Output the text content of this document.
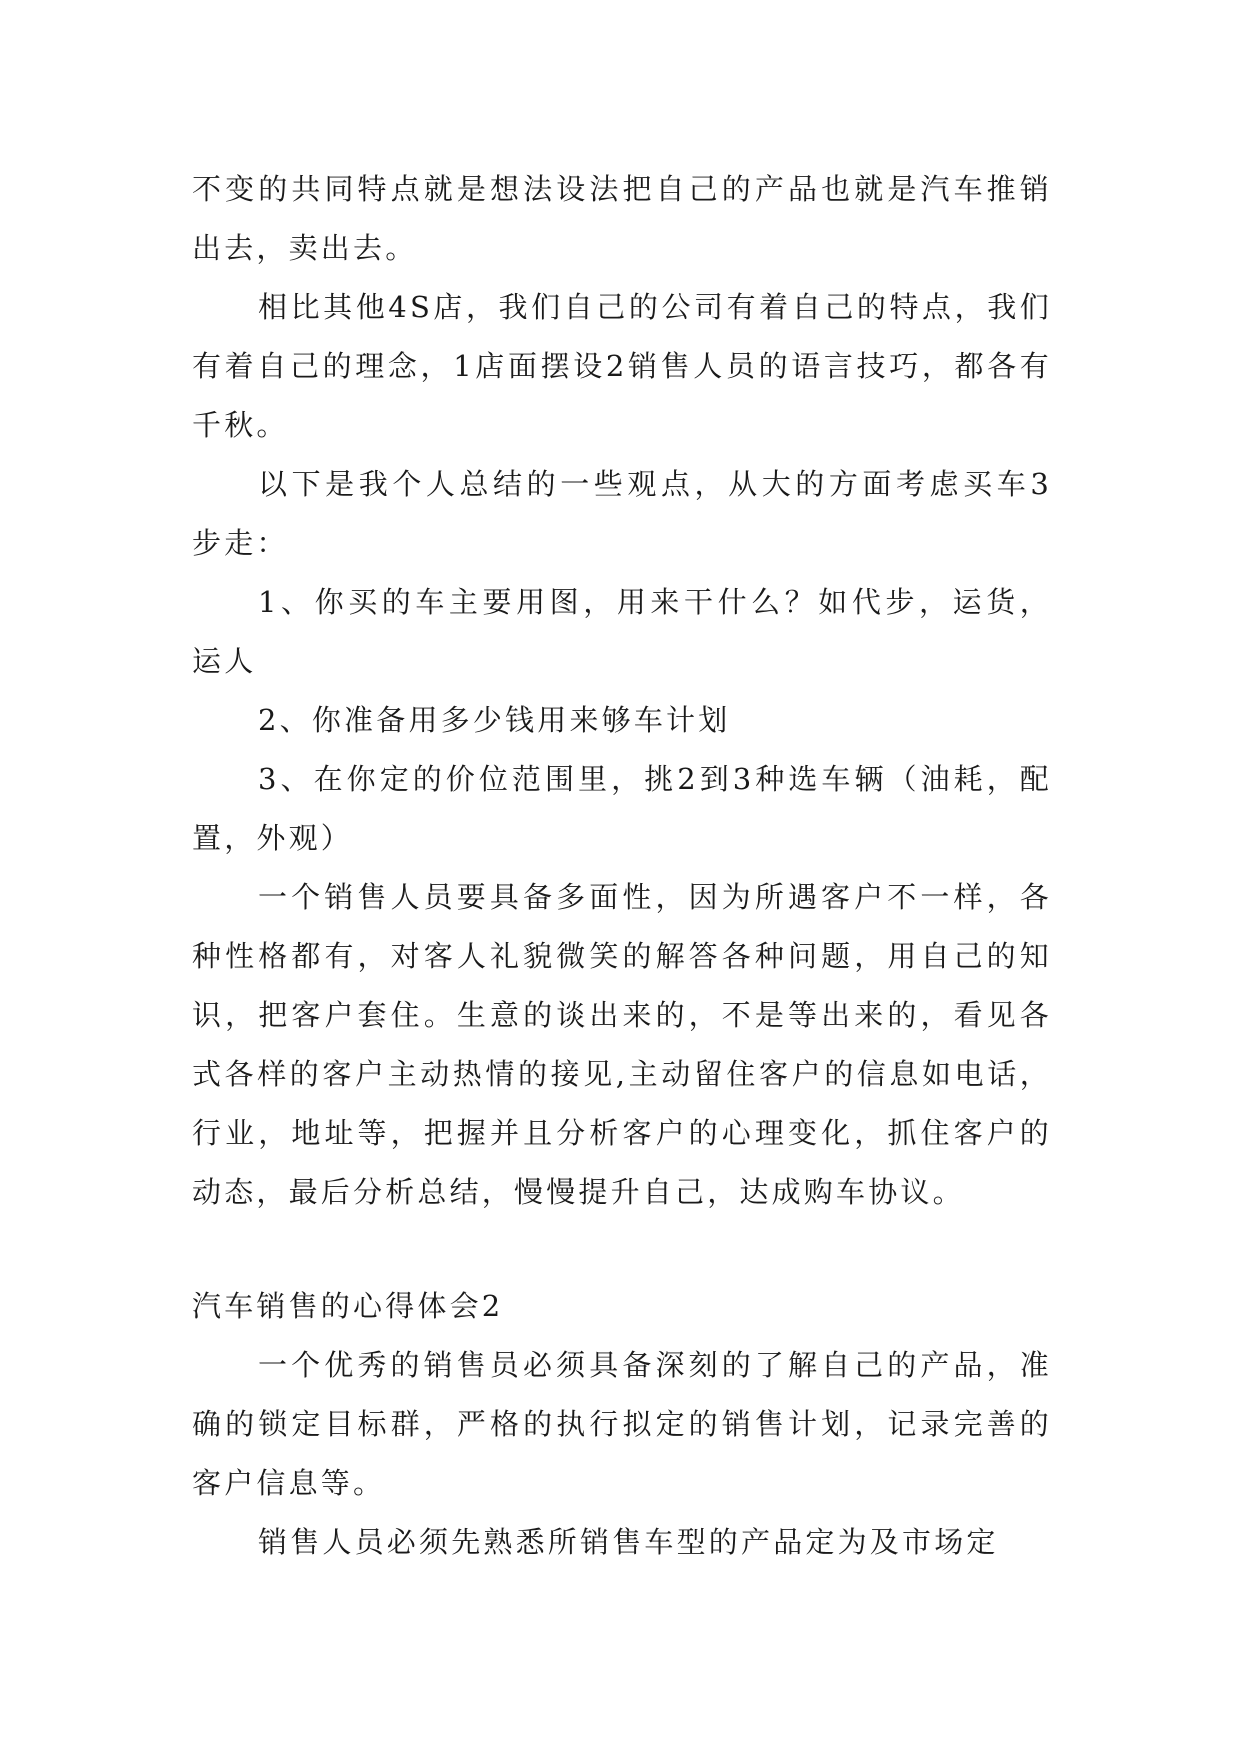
不变的共同特点就是想法设法把自己的产品也就是汽车推销出去，卖出去。

相比其他4S店，我们自己的公司有着自己的特点，我们有着自己的理念，1店面摆设2销售人员的语言技巧，都各有千秋。

以下是我个人总结的一些观点，从大的方面考虑买车3步走：

1、你买的车主要用图，用来干什么？如代步，运货，运人

2、你准备用多少钱用来够车计划

3、在你定的价位范围里，挑2到3种选车辆（油耗，配置，外观）

一个销售人员要具备多面性，因为所遇客户不一样，各种性格都有，对客人礼貌微笑的解答各种问题，用自己的知识，把客户套住。生意的谈出来的，不是等出来的，看见各式各样的客户主动热情的接见,主动留住客户的信息如电话，行业，地址等，把握并且分析客户的心理变化，抓住客户的动态，最后分析总结，慢慢提升自己，达成购车协议。

汽车销售的心得体会2

一个优秀的销售员必须具备深刻的了解自己的产品，准确的锁定目标群，严格的执行拟定的销售计划，记录完善的客户信息等。

销售人员必须先熟悉所销售车型的产品定为及市场定
